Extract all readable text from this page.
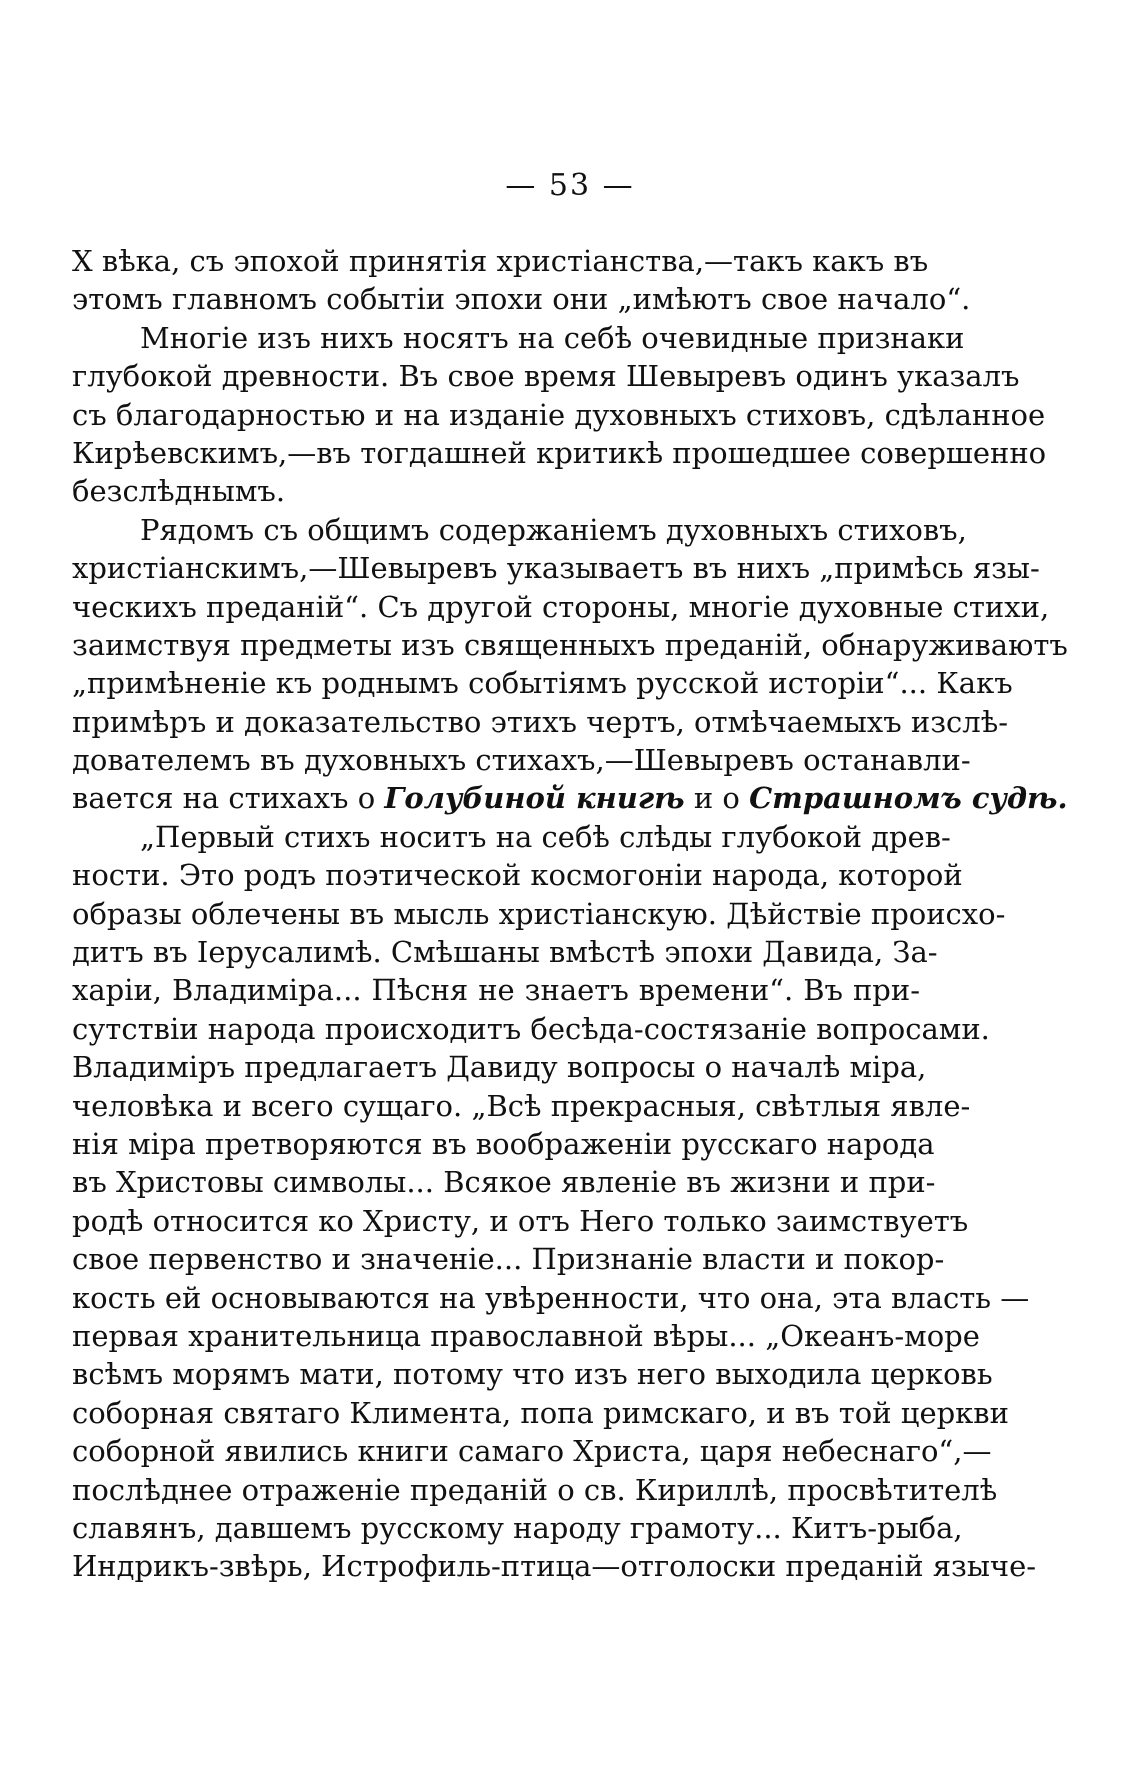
— 53 —
X вѣка, съ эпохой принятія христіанства,—такъ какъ въ
этомъ главномъ событіи эпохи они „имѣютъ свое начало“.
Многіе изъ нихъ носятъ на себѣ очевидные признаки
глубокой древности. Въ свое время Шевыревъ одинъ указалъ
съ благодарностью и на изданіе духовныхъ стиховъ, сдѣланное
Кирѣевскимъ,—въ тогдашней критикѣ прошедшее совершенно
безслѣднымъ.
Рядомъ съ общимъ содержаніемъ духовныхъ стиховъ,
христіанскимъ,—Шевыревъ указываетъ въ нихъ „примѣсь язы-
ческихъ преданій“. Съ другой стороны, многіе духовные стихи,
заимствуя предметы изъ священныхъ преданій, обнаруживаютъ
„примѣненіе къ роднымъ событіямъ русской исторіи“... Какъ
примѣръ и доказательство этихъ чертъ, отмѣчаемыхъ изслѣ-
дователемъ въ духовныхъ стихахъ,—Шевыревъ останавли-
вается на стихахъ о Голубиной книгѣ и о Страшномъ судѣ.
„Первый стихъ носитъ на себѣ слѣды глубокой древ-
ности. Это родъ поэтической космогоніи народа, которой
образы облечены въ мысль христіанскую. Дѣйствіе происхо-
дитъ въ Іерусалимѣ. Смѣшаны вмѣстѣ эпохи Давида, За-
харіи, Владиміра... Пѣсня не знаетъ времени“. Въ при-
сутствіи народа происходитъ бесѣда-состязаніе вопросами.
Владиміръ предлагаетъ Давиду вопросы о началѣ міра,
человѣка и всего сущаго. „Всѣ прекрасныя, свѣтлыя явле-
нія міра претворяются въ воображеніи русскаго народа
въ Христовы символы... Всякое явленіе въ жизни и при-
родѣ относится ко Христу, и отъ Него только заимствуетъ
свое первенство и значеніе... Признаніе власти и покор-
кость ей основываются на увѣренности, что она, эта власть —
первая хранительница православной вѣры... „Океанъ-море
всѣмъ морямъ мати, потому что изъ него выходила церковь
соборная святаго Климента, попа римскаго, и въ той церкви
соборной явились книги самаго Христа, царя небеснаго“,—
послѣднее отраженіе преданій о св. Кириллѣ, просвѣтителѣ
славянъ, давшемъ русскому народу грамоту... Китъ-рыба,
Индрикъ-звѣрь, Истрофиль-птица—отголоски преданій языче-
